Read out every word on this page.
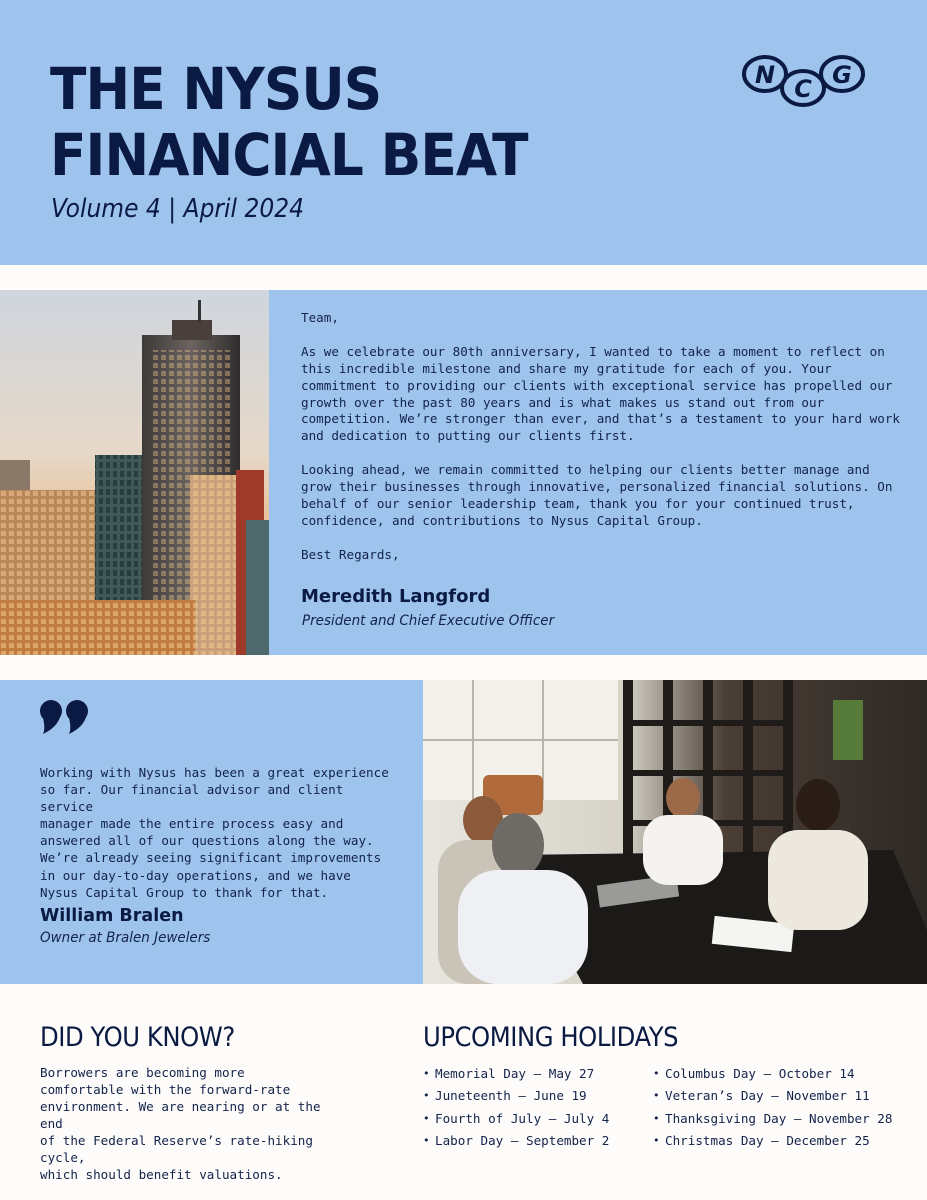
THE NYSUS
FINANCIAL BEAT
Volume 4 | April 2024
N C G

Team,

As we celebrate our 80th anniversary, I wanted to take a moment to reflect on this incredible milestone and share my gratitude for each of you. Your commitment to providing our clients with exceptional service has propelled our growth over the past 80 years and is what makes us stand out from our competition. We’re stronger than ever, and that’s a testament to your hard work and dedication to putting our clients first.

Looking ahead, we remain committed to helping our clients better manage and grow their businesses through innovative, personalized financial solutions. On behalf of our senior leadership team, thank you for your continued trust, confidence, and contributions to Nysus Capital Group.

Best Regards,

Meredith Langford
President and Chief Executive Officer
Working with Nysus has been a great experience
so far. Our financial advisor and client service
manager made the entire process easy and
answered all of our questions along the way.
We’re already seeing significant improvements
in our day-to-day operations, and we have
Nysus Capital Group to thank for that.
William Bralen
Owner at Bralen Jewelers
DID YOU KNOW?
Borrowers are becoming more
comfortable with the forward-rate
environment. We are nearing or at the end
of the Federal Reserve’s rate-hiking cycle,
which should benefit valuations.
UPCOMING HOLIDAYS
• Memorial Day – May 27
• Juneteenth – June 19
• Fourth of July – July 4
• Labor Day – September 2
• Columbus Day – October 14
• Veteran’s Day – November 11
• Thanksgiving Day – November 28
• Christmas Day – December 25
